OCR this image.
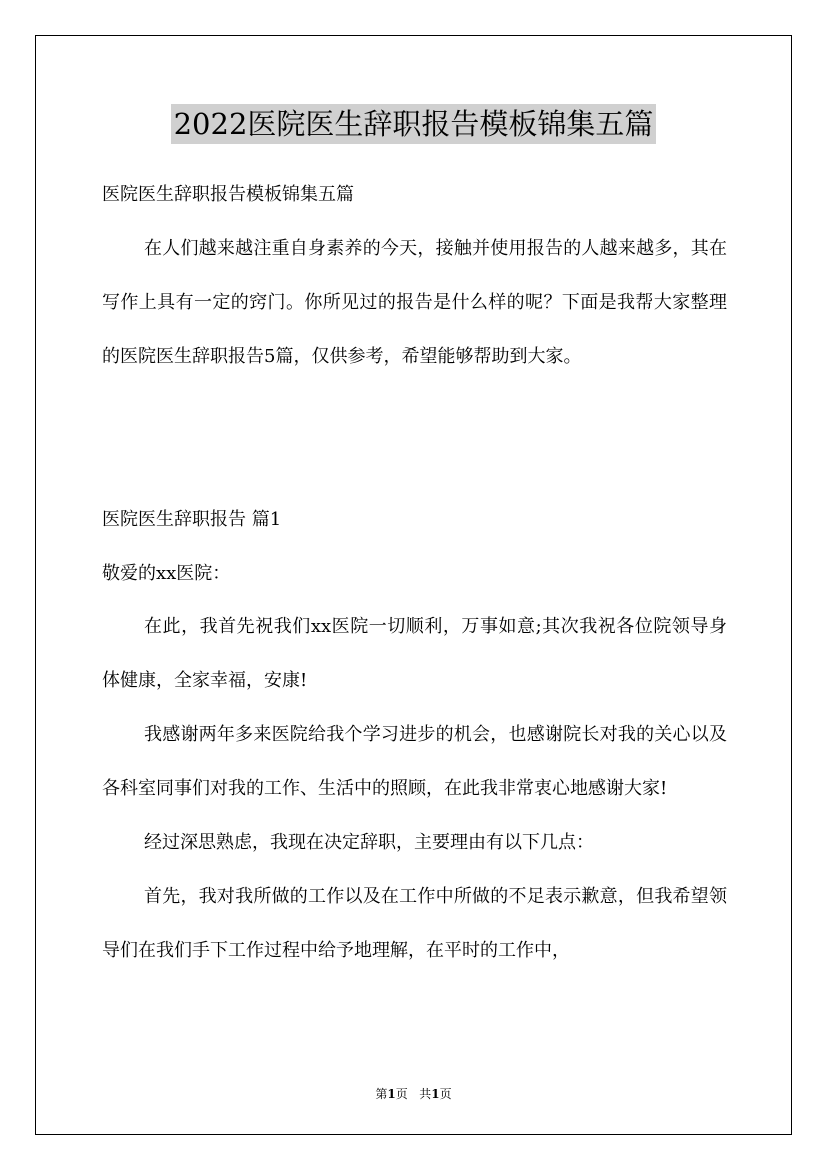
2022医院医生辞职报告模板锦集五篇

医院医生辞职报告模板锦集五篇

在人们越来越注重自身素养的今天，接触并使用报告的人越来越多，其在写作上具有一定的窍门。你所见过的报告是什么样的呢？下面是我帮大家整理的医院医生辞职报告5篇，仅供参考，希望能够帮助到大家。

医院医生辞职报告 篇1

敬爱的xx医院：

在此，我首先祝我们xx医院一切顺利，万事如意;其次我祝各位院领导身体健康，全家幸福，安康!

我感谢两年多来医院给我个学习进步的机会，也感谢院长对我的关心以及各科室同事们对我的工作、生活中的照顾，在此我非常衷心地感谢大家!

经过深思熟虑，我现在决定辞职，主要理由有以下几点：

首先，我对我所做的工作以及在工作中所做的不足表示歉意，但我希望领导们在我们手下工作过程中给予地理解，在平时的工作中，

第1页 共1页
